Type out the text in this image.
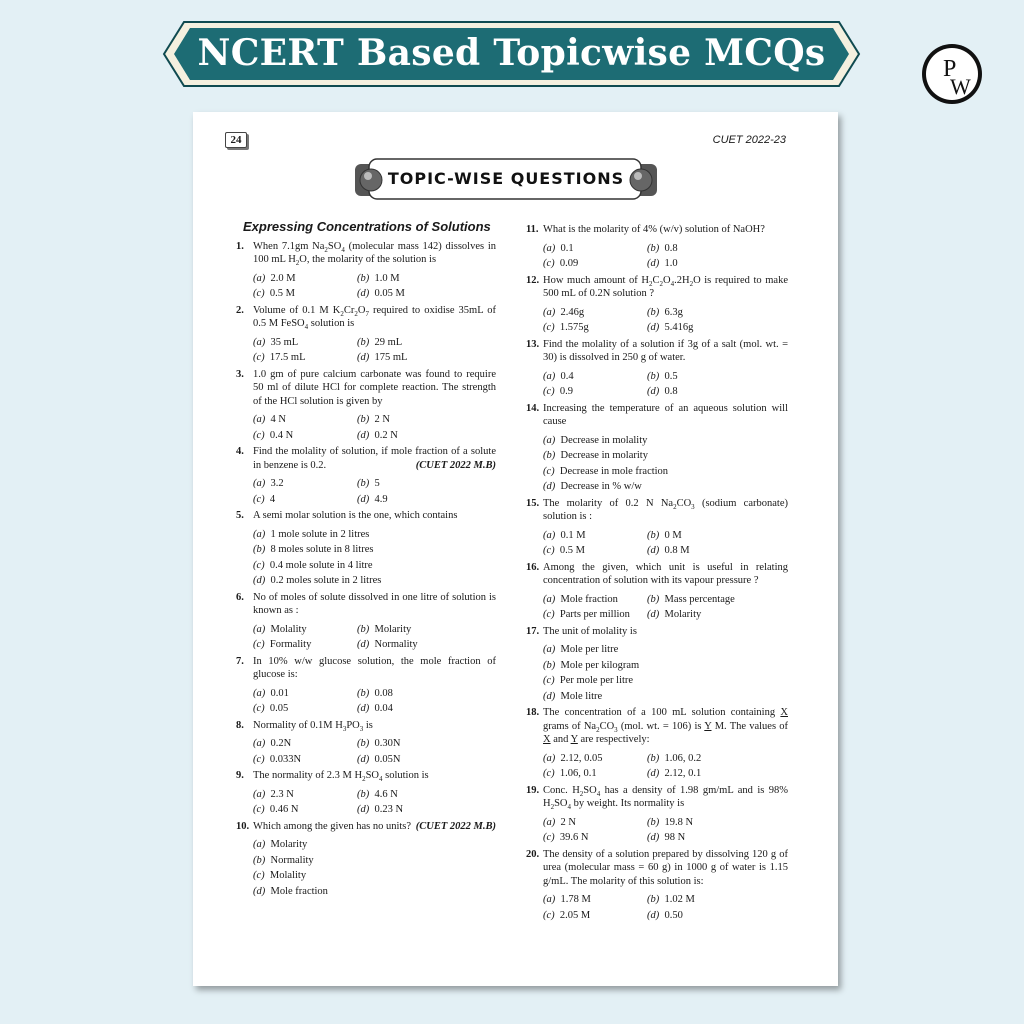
NCERT Based Topicwise MCQs	P
W
24	CUET 2022-23
TOPIC-WISE QUESTIONS
Expressing Concentrations of Solutions
1. When 7.1gm $Na_2SO_4$ (molecular mass 142) dissolves in 100 mL $H_2O$, the molarity of the solution is
(a) 2.0 M	(b) 1.0 M
(c) 0.5 M	(d) 0.05 M
2. Volume of 0.1 M $K_2Cr_2O_7$ required to oxidise 35mL of 0.5 M FeSO$_4$ solution is
(a) 35 mL	(b) 29 mL
(c) 17.5 mL	(d) 175 mL
3. 1.0 gm of pure calcium carbonate was found to require 50 ml of dilute HCl for complete reaction. The strength of the HCl solution is given by
(a) 4 N	(b) 2 N
(c) 0.4 N	(d) 0.2 N
4. Find the molality of solution, if mole fraction of a solute in benzene is 0.2.	(CUET 2022 M.B)
(a) 3.2	(b) 5
(c) 4	(d) 4.9
5. A semi molar solution is the one, which contains
(a) 1 mole solute in 2 litres
(b) 8 moles solute in 8 litres
(c) 0.4 mole solute in 4 litre
(d) 0.2 moles solute in 2 litres
6. No of moles of solute dissolved in one litre of solution is known as :
(a) Molality	(b) Molarity
(c) Formality	(d) Normality
7. In 10% w/w glucose solution, the mole fraction of glucose is:
(a) 0.01	(b) 0.08
(c) 0.05	(d) 0.04
8. Normality of 0.1M $H_3PO_3$ is
(a) 0.2N	(b) 0.30N
(c) 0.033N	(d) 0.05N
9. The normality of 2.3 M $H_2SO_4$ solution is
(a) 2.3 N	(b) 4.6 N
(c) 0.46 N	(d) 0.23 N
10. Which among the given has no units? (CUET 2022 M.B)
(a) Molarity
(b) Normality
(c) Molality
(d) Mole fraction
11. What is the molarity of 4% (w/v) solution of NaOH?
(a) 0.1	(b) 0.8
(c) 0.09	(d) 1.0
12. How much amount of $H_2C_2O_4.2H_2O$ is required to make 500 mL of 0.2N solution ?
(a) 2.46g	(b) 6.3g
(c) 1.575g	(d) 5.416g
13. Find the molality of a solution if 3g of a salt (mol. wt. = 30) is dissolved in 250 g of water.
(a) 0.4	(b) 0.5
(c) 0.9	(d) 0.8
14. Increasing the temperature of an aqueous solution will cause
(a) Decrease in molality
(b) Decrease in molarity
(c) Decrease in mole fraction
(d) Decrease in % w/w
15. The molarity of 0.2 N $Na_2CO_3$ (sodium carbonate) solution is :
(a) 0.1 M	(b) 0 M
(c) 0.5 M	(d) 0.8 M
16. Among the given, which unit is useful in relating concentration of solution with its vapour pressure ?
(a) Mole fraction	(b) Mass percentage
(c) Parts per million	(d) Molarity
17. The unit of molality is
(a) Mole per litre
(b) Mole per kilogram
(c) Per mole per litre
(d) Mole litre
18. The concentration of a 100 mL solution containing X grams of $Na_2CO_3$ (mol. wt. = 106) is Y M. The values of X and Y are respectively:
(a) 2.12, 0.05	(b) 1.06, 0.2
(c) 1.06, 0.1	(d) 2.12, 0.1
19. Conc. $H_2SO_4$ has a density of 1.98 gm/mL and is 98% $H_2SO_4$ by weight. Its normality is
(a) 2 N	(b) 19.8 N
(c) 39.6 N	(d) 98 N
20. The density of a solution prepared by dissolving 120 g of urea (molecular mass = 60 g) in 1000 g of water is 1.15 g/mL. The molarity of this solution is:
(a) 1.78 M	(b) 1.02 M
(c) 2.05 M	(d) 0.50
